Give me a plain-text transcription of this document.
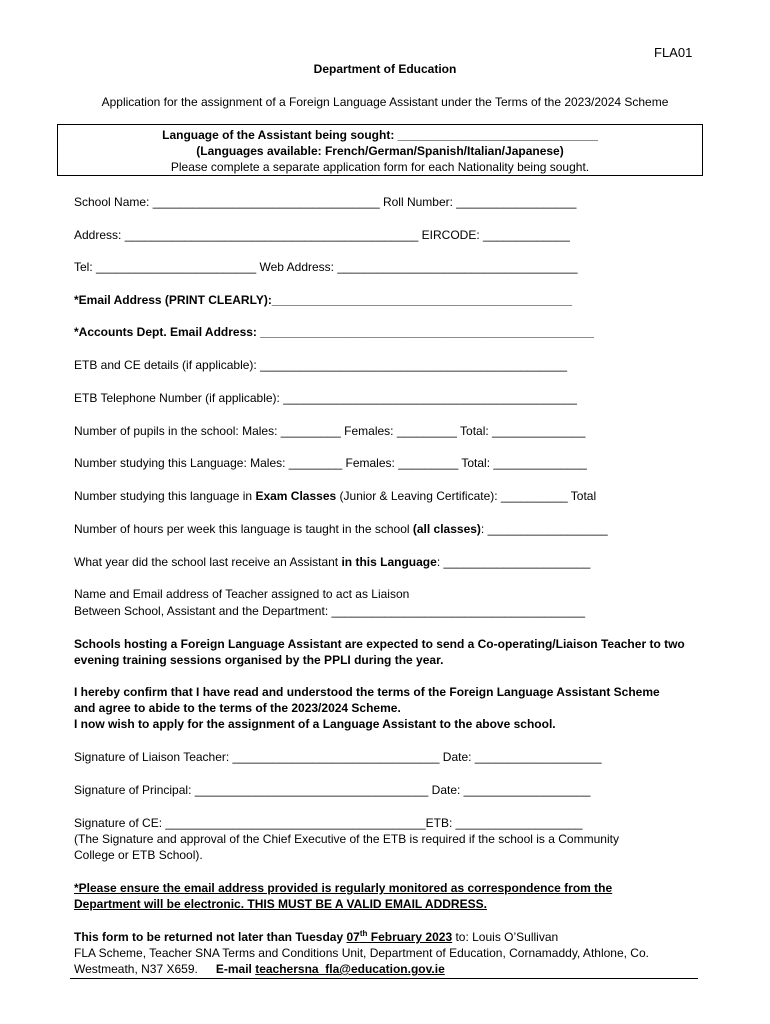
FLA01
Department of Education
Application for the assignment of a Foreign Language Assistant under the Terms of the 2023/2024 Scheme
Language of the Assistant being sought: ______________________________
(Languages available: French/German/Spanish/Italian/Japanese)
Please complete a separate application form for each Nationality being sought.
School Name: __________________________________ Roll Number: __________________
Address: ____________________________________________ EIRCODE: _____________
Tel: ________________________ Web Address: ____________________________________
*Email Address (PRINT CLEARLY):_____________________________________________
*Accounts Dept. Email Address: __________________________________________________
ETB and CE details (if applicable): ______________________________________________
ETB Telephone Number (if applicable): ____________________________________________
Number of pupils in the school: Males: _________ Females: _________ Total: ______________
Number studying this Language: Males: ________ Females: _________ Total: ______________
Number studying this language in Exam Classes (Junior & Leaving Certificate): __________ Total
Number of hours per week this language is taught in the school (all classes): __________________
What year did the school last receive an Assistant in this Language: ______________________
Name and Email address of Teacher assigned to act as Liaison
Between School, Assistant and the Department: ______________________________________
Schools hosting a Foreign Language Assistant are expected to send a Co-operating/Liaison Teacher to two
evening training sessions organised by the PPLI during the year.
I hereby confirm that I have read and understood the terms of the Foreign Language Assistant Scheme
and agree to abide to the terms of the 2023/2024 Scheme.
I now wish to apply for the assignment of a Language Assistant to the above school.
Signature of Liaison Teacher: _______________________________ Date: ___________________
Signature of Principal: ___________________________________ Date: ___________________
Signature of CE: _______________________________________ETB: ___________________
(The Signature and approval of the Chief Executive of the ETB is required if the school is a Community
College or ETB School).
*Please ensure the email address provided is regularly monitored as correspondence from the
Department will be electronic. THIS MUST BE A VALID EMAIL ADDRESS.
This form to be returned not later than Tuesday 07th February 2023 to: Louis O’Sullivan
FLA Scheme, Teacher SNA Terms and Conditions Unit, Department of Education, Cornamaddy, Athlone, Co.
Westmeath, N37 X659. E-mail teachersna_fla@education.gov.ie
